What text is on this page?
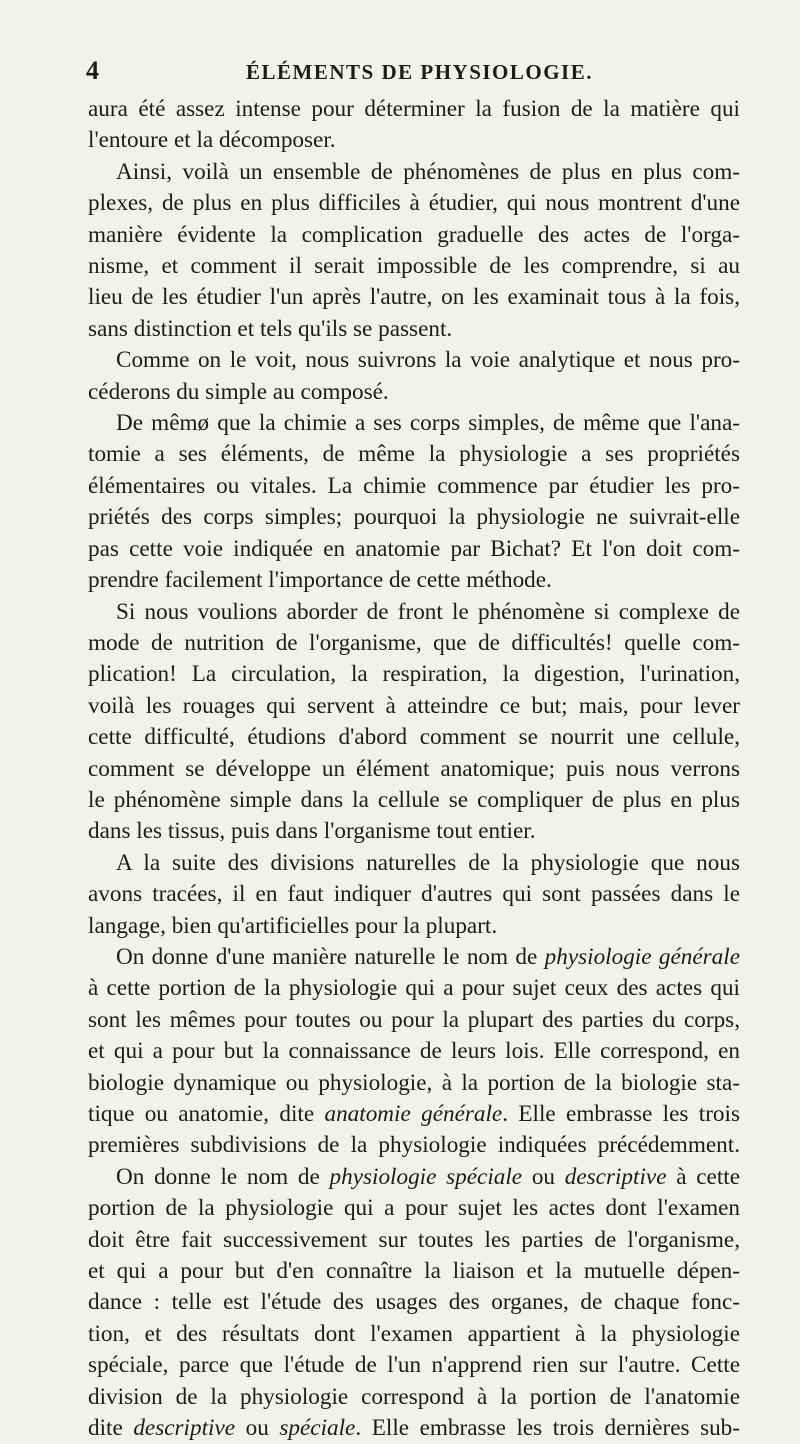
4	ÉLÉMENTS DE PHYSIOLOGIE.
aura été assez intense pour déterminer la fusion de la matière qui
l'entoure et la décomposer.
Ainsi, voilà un ensemble de phénomènes de plus en plus com-
plexes, de plus en plus difficiles à étudier, qui nous montrent d'une
manière évidente la complication graduelle des actes de l'orga-
nisme, et comment il serait impossible de les comprendre, si au
lieu de les étudier l'un après l'autre, on les examinait tous à la fois,
sans distinction et tels qu'ils se passent.
Comme on le voit, nous suivrons la voie analytique et nous pro-
céderons du simple au composé.
De mêmø que la chimie a ses corps simples, de même que l'ana-
tomie a ses éléments, de même la physiologie a ses propriétés
élémentaires ou vitales. La chimie commence par étudier les pro-
priétés des corps simples; pourquoi la physiologie ne suivrait-elle
pas cette voie indiquée en anatomie par Bichat? Et l'on doit com-
prendre facilement l'importance de cette méthode.
Si nous voulions aborder de front le phénomène si complexe de
mode de nutrition de l'organisme, que de difficultés! quelle com-
plication! La circulation, la respiration, la digestion, l'urination,
voilà les rouages qui servent à atteindre ce but; mais, pour lever
cette difficulté, étudions d'abord comment se nourrit une cellule,
comment se développe un élément anatomique; puis nous verrons
le phénomène simple dans la cellule se compliquer de plus en plus
dans les tissus, puis dans l'organisme tout entier.
A la suite des divisions naturelles de la physiologie que nous
avons tracées, il en faut indiquer d'autres qui sont passées dans le
langage, bien qu'artificielles pour la plupart.
On donne d'une manière naturelle le nom de physiologie générale
à cette portion de la physiologie qui a pour sujet ceux des actes qui
sont les mêmes pour toutes ou pour la plupart des parties du corps,
et qui a pour but la connaissance de leurs lois. Elle correspond, en
biologie dynamique ou physiologie, à la portion de la biologie sta-
tique ou anatomie, dite anatomie générale. Elle embrasse les trois
premières subdivisions de la physiologie indiquées précédemment.
On donne le nom de physiologie spéciale ou descriptive à cette
portion de la physiologie qui a pour sujet les actes dont l'examen
doit être fait successivement sur toutes les parties de l'organisme,
et qui a pour but d'en connaître la liaison et la mutuelle dépen-
dance : telle est l'étude des usages des organes, de chaque fonc-
tion, et des résultats dont l'examen appartient à la physiologie
spéciale, parce que l'étude de l'un n'apprend rien sur l'autre. Cette
division de la physiologie correspond à la portion de l'anatomie
dite descriptive ou spéciale. Elle embrasse les trois dernières sub-
